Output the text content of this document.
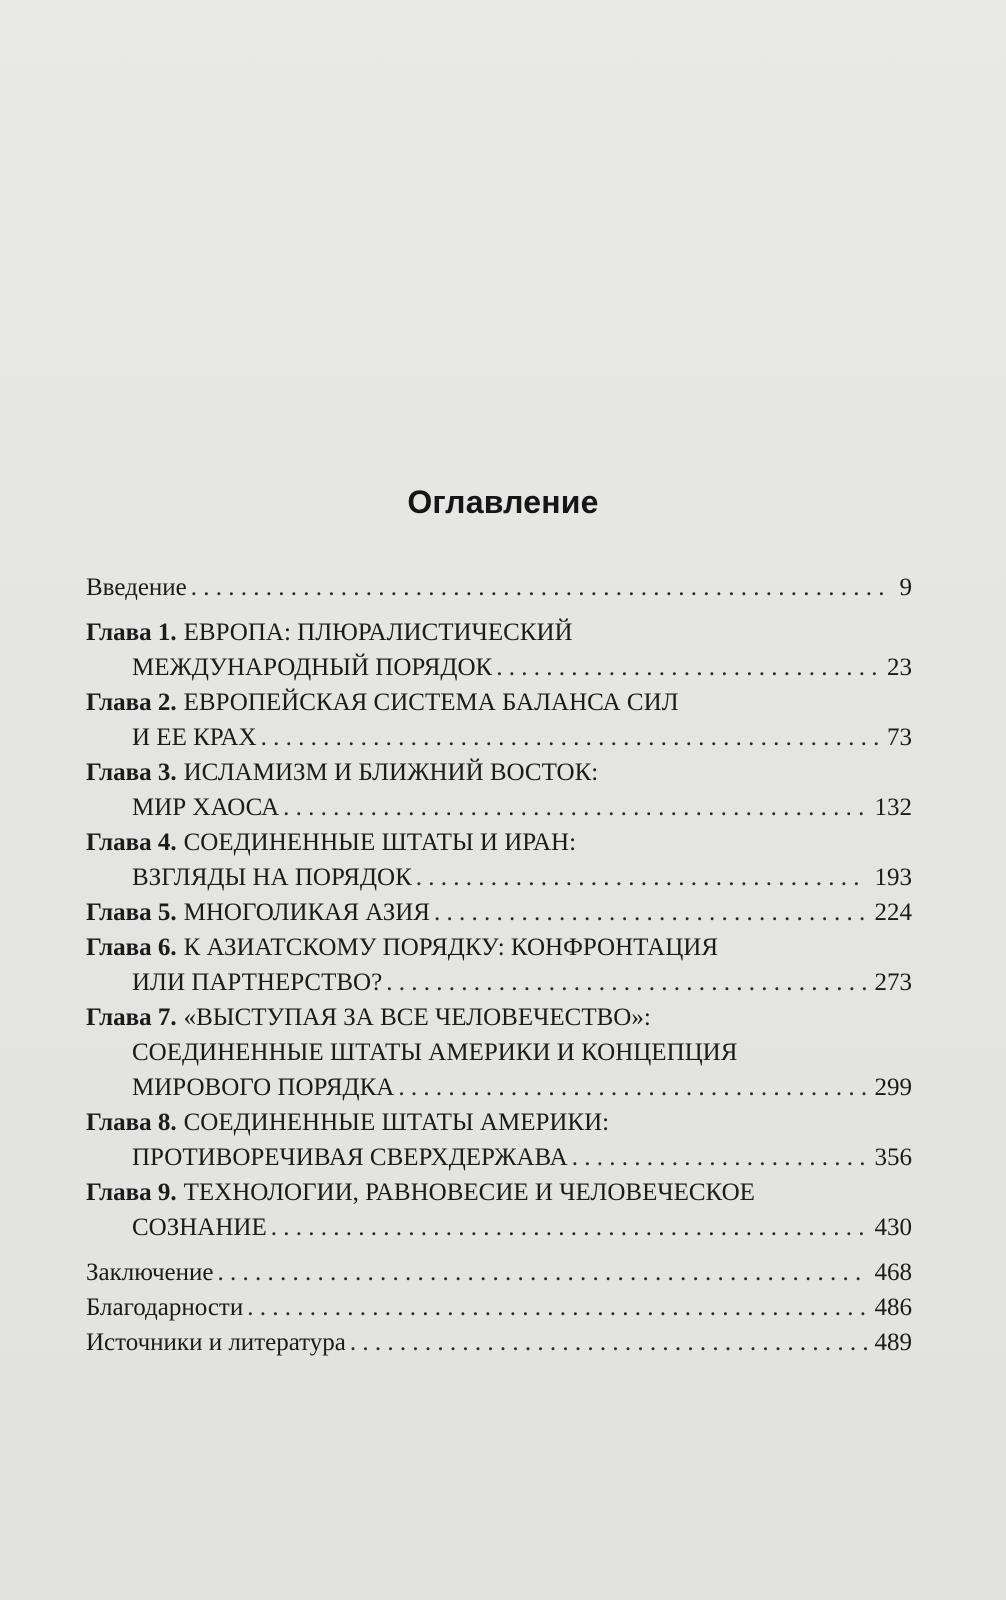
Оглавление
Введение . . .	9
Глава 1. ЕВРОПА: ПЛЮРАЛИСТИЧЕСКИЙ
МЕЖДУНАРОДНЫЙ ПОРЯДОК . . .	23
Глава 2. ЕВРОПЕЙСКАЯ СИСТЕМА БАЛАНСА СИЛ
И ЕЕ КРАХ . . .	73
Глава 3. ИСЛАМИЗМ И БЛИЖНИЙ ВОСТОК:
МИР ХАОСА . . .	132
Глава 4. СОЕДИНЕННЫЕ ШТАТЫ И ИРАН:
ВЗГЛЯДЫ НА ПОРЯДОК . . .	193
Глава 5. МНОГОЛИКАЯ АЗИЯ . . .	224
Глава 6. К АЗИАТСКОМУ ПОРЯДКУ: КОНФРОНТАЦИЯ
ИЛИ ПАРТНЕРСТВО? . . .	273
Глава 7. «ВЫСТУПАЯ ЗА ВСЕ ЧЕЛОВЕЧЕСТВО»:
СОЕДИНЕННЫЕ ШТАТЫ АМЕРИКИ И КОНЦЕПЦИЯ
МИРОВОГО ПОРЯДКА . . .	299
Глава 8. СОЕДИНЕННЫЕ ШТАТЫ АМЕРИКИ:
ПРОТИВОРЕЧИВАЯ СВЕРХДЕРЖАВА . . .	356
Глава 9. ТЕХНОЛОГИИ, РАВНОВЕСИЕ И ЧЕЛОВЕЧЕСКОЕ
СОЗНАНИЕ . . .	430
Заключение . . .	468
Благодарности . . .	486
Источники и литература . . .	489
